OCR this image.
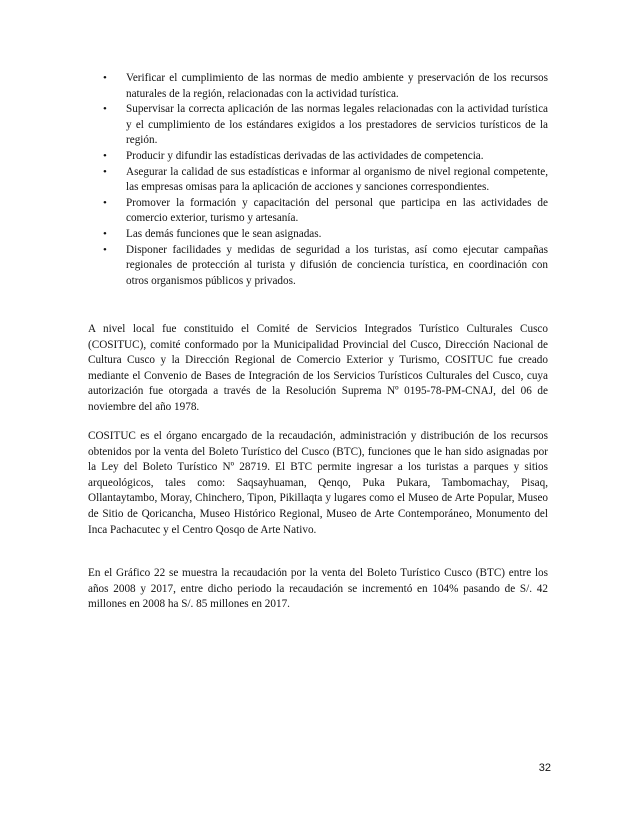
• Verificar el cumplimiento de las normas de medio ambiente y preservación de los recursos naturales de la región, relacionadas con la actividad turística.
• Supervisar la correcta aplicación de las normas legales relacionadas con la actividad turística y el cumplimiento de los estándares exigidos a los prestadores de servicios turísticos de la región.
• Producir y difundir las estadísticas derivadas de las actividades de competencia.
• Asegurar la calidad de sus estadísticas e informar al organismo de nivel regional competente, las empresas omisas para la aplicación de acciones y sanciones correspondientes.
• Promover la formación y capacitación del personal que participa en las actividades de comercio exterior, turismo y artesanía.
• Las demás funciones que le sean asignadas.
• Disponer facilidades y medidas de seguridad a los turistas, así como ejecutar campañas regionales de protección al turista y difusión de conciencia turística, en coordinación con otros organismos públicos y privados.

A nivel local fue constituido el Comité de Servicios Integrados Turístico Culturales Cusco (COSITUC), comité conformado por la Municipalidad Provincial del Cusco, Dirección Nacional de Cultura Cusco y la Dirección Regional de Comercio Exterior y Turismo, COSITUC fue creado mediante el Convenio de Bases de Integración de los Servicios Turísticos Culturales del Cusco, cuya autorización fue otorgada a través de la Resolución Suprema Nº 0195-78-PM-CNAJ, del 06 de noviembre del año 1978.

COSITUC es el órgano encargado de la recaudación, administración y distribución de los recursos obtenidos por la venta del Boleto Turístico del Cusco (BTC), funciones que le han sido asignadas por la Ley del Boleto Turístico Nº 28719. El BTC permite ingresar a los turistas a parques y sitios arqueológicos, tales como: Saqsayhuaman, Qenqo, Puka Pukara, Tambomachay, Pisaq, Ollantaytambo, Moray, Chinchero, Tipon, Pikillaqta y lugares como el Museo de Arte Popular, Museo de Sitio de Qoricancha, Museo Histórico Regional, Museo de Arte Contemporáneo, Monumento del Inca Pachacutec y el Centro Qosqo de Arte Nativo.

En el Gráfico 22 se muestra la recaudación por la venta del Boleto Turístico Cusco (BTC) entre los años 2008 y 2017, entre dicho periodo la recaudación se incrementó en 104% pasando de S/. 42 millones en 2008 ha S/. 85 millones en 2017.

32
